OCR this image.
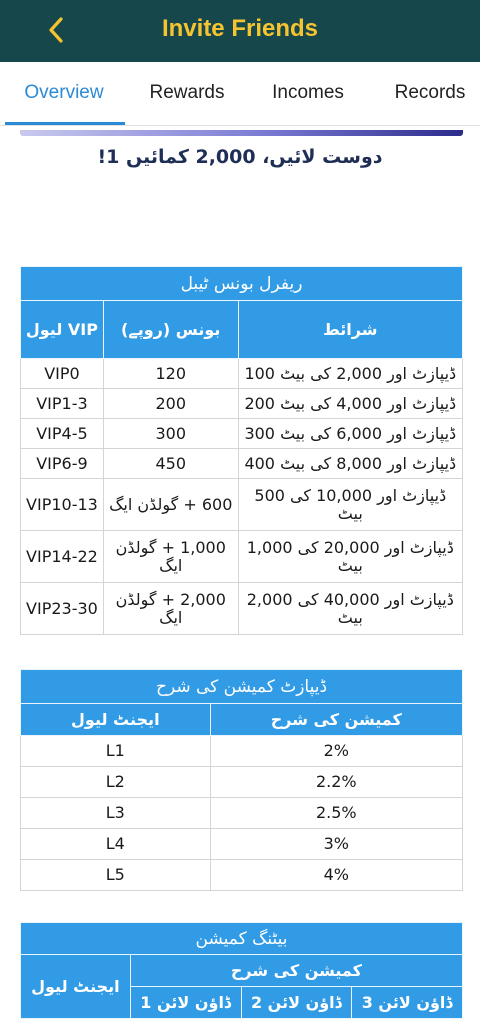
Invite Friends
Overview	Rewards	Incomes	Records
دوست لائیں، 2,000 کمائیں 1!
ریفرل بونس ٹیبل		
VIP لیول	بونس (روپے)	شرائط
VIP0	120	ڈیپازٹ اور 2,000 کی بیٹ 100
VIP1-3	200	ڈیپازٹ اور 4,000 کی بیٹ 200
VIP4-5	300	ڈیپازٹ اور 6,000 کی بیٹ 300
VIP6-9	450	ڈیپازٹ اور 8,000 کی بیٹ 400
VIP10-13	600 + گولڈن ایگ	ڈیپازٹ اور 10,000 کی 500 بیٹ
VIP14-22	1,000 + گولڈن ایگ	ڈیپازٹ اور 20,000 کی 1,000 بیٹ
VIP23-30	2,000 + گولڈن ایگ	ڈیپازٹ اور 40,000 کی 2,000 بیٹ
ڈیپازٹ کمیشن کی شرح	
ایجنٹ لیول	کمیشن کی شرح
L1	2%
L2	2.2%
L3	2.5%
L4	3%
L5	4%
بیٹنگ کمیشن			
ایجنٹ لیول	کمیشن کی شرح		
	ڈاؤن لائن 1	ڈاؤن لائن 2	ڈاؤن لائن 3
